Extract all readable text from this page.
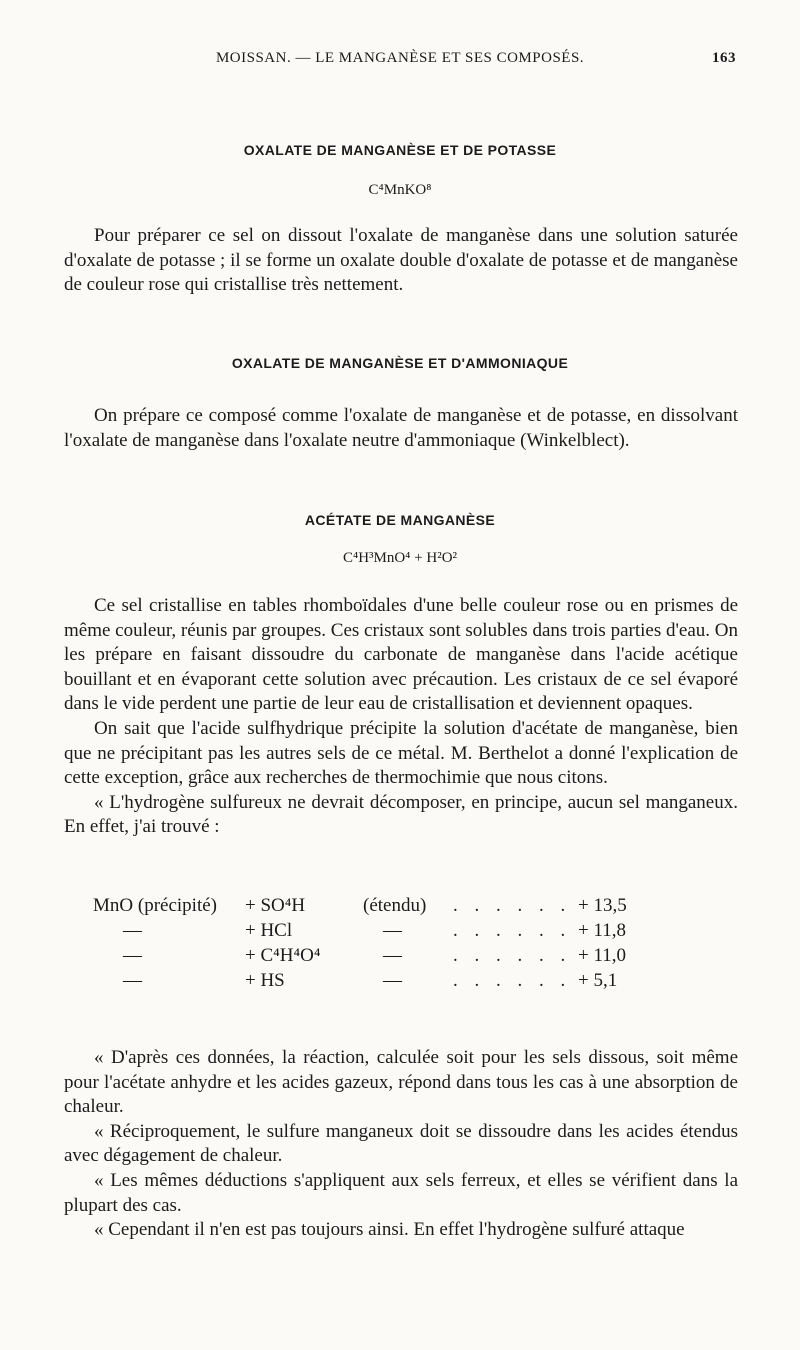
MOISSAN. — LE MANGANÈSE ET SES COMPOSÉS.	163
OXALATE DE MANGANÈSE ET DE POTASSE
C⁴MnKO⁸

Pour préparer ce sel on dissout l'oxalate de manganèse dans une solution saturée d'oxalate de potasse ; il se forme un oxalate double d'oxalate de potasse et de manganèse de couleur rose qui cristallise très nettement.

OXALATE DE MANGANÈSE ET D'AMMONIAQUE

On prépare ce composé comme l'oxalate de manganèse et de potasse, en dissolvant l'oxalate de manganèse dans l'oxalate neutre d'ammoniaque (Winkelblect).

ACÉTATE DE MANGANÈSE
C⁴H³MnO⁴ + H²O²

Ce sel cristallise en tables rhomboïdales d'une belle couleur rose ou en prismes de même couleur, réunis par groupes. Ces cristaux sont solubles dans trois parties d'eau. On les prépare en faisant dissoudre du carbonate de manganèse dans l'acide acétique bouillant et en évaporant cette solution avec précaution. Les cristaux de ce sel évaporé dans le vide perdent une partie de leur eau de cristallisation et deviennent opaques.

On sait que l'acide sulfhydrique précipite la solution d'acétate de manganèse, bien que ne précipitant pas les autres sels de ce métal. M. Berthelot a donné l'explication de cette exception, grâce aux recherches de thermochimie que nous citons.

« L'hydrogène sulfureux ne devrait décomposer, en principe, aucun sel manganeux. En effet, j'ai trouvé :

MnO (précipité) + SO⁴H	(étendu) . . . . . . + 13,5
—	+ HCl	—	. . . . . . + 11,8
—	+ C⁴H⁴O⁴	—	. . . . . . + 11,0
—	+ HS	—	. . . . . . + 5,1

« D'après ces données, la réaction, calculée soit pour les sels dissous, soit même pour l'acétate anhydre et les acides gazeux, répond dans tous les cas à une absorption de chaleur.

« Réciproquement, le sulfure manganeux doit se dissoudre dans les acides étendus avec dégagement de chaleur.

« Les mêmes déductions s'appliquent aux sels ferreux, et elles se vérifient dans la plupart des cas.

« Cependant il n'en est pas toujours ainsi. En effet l'hydrogène sulfuré attaque
